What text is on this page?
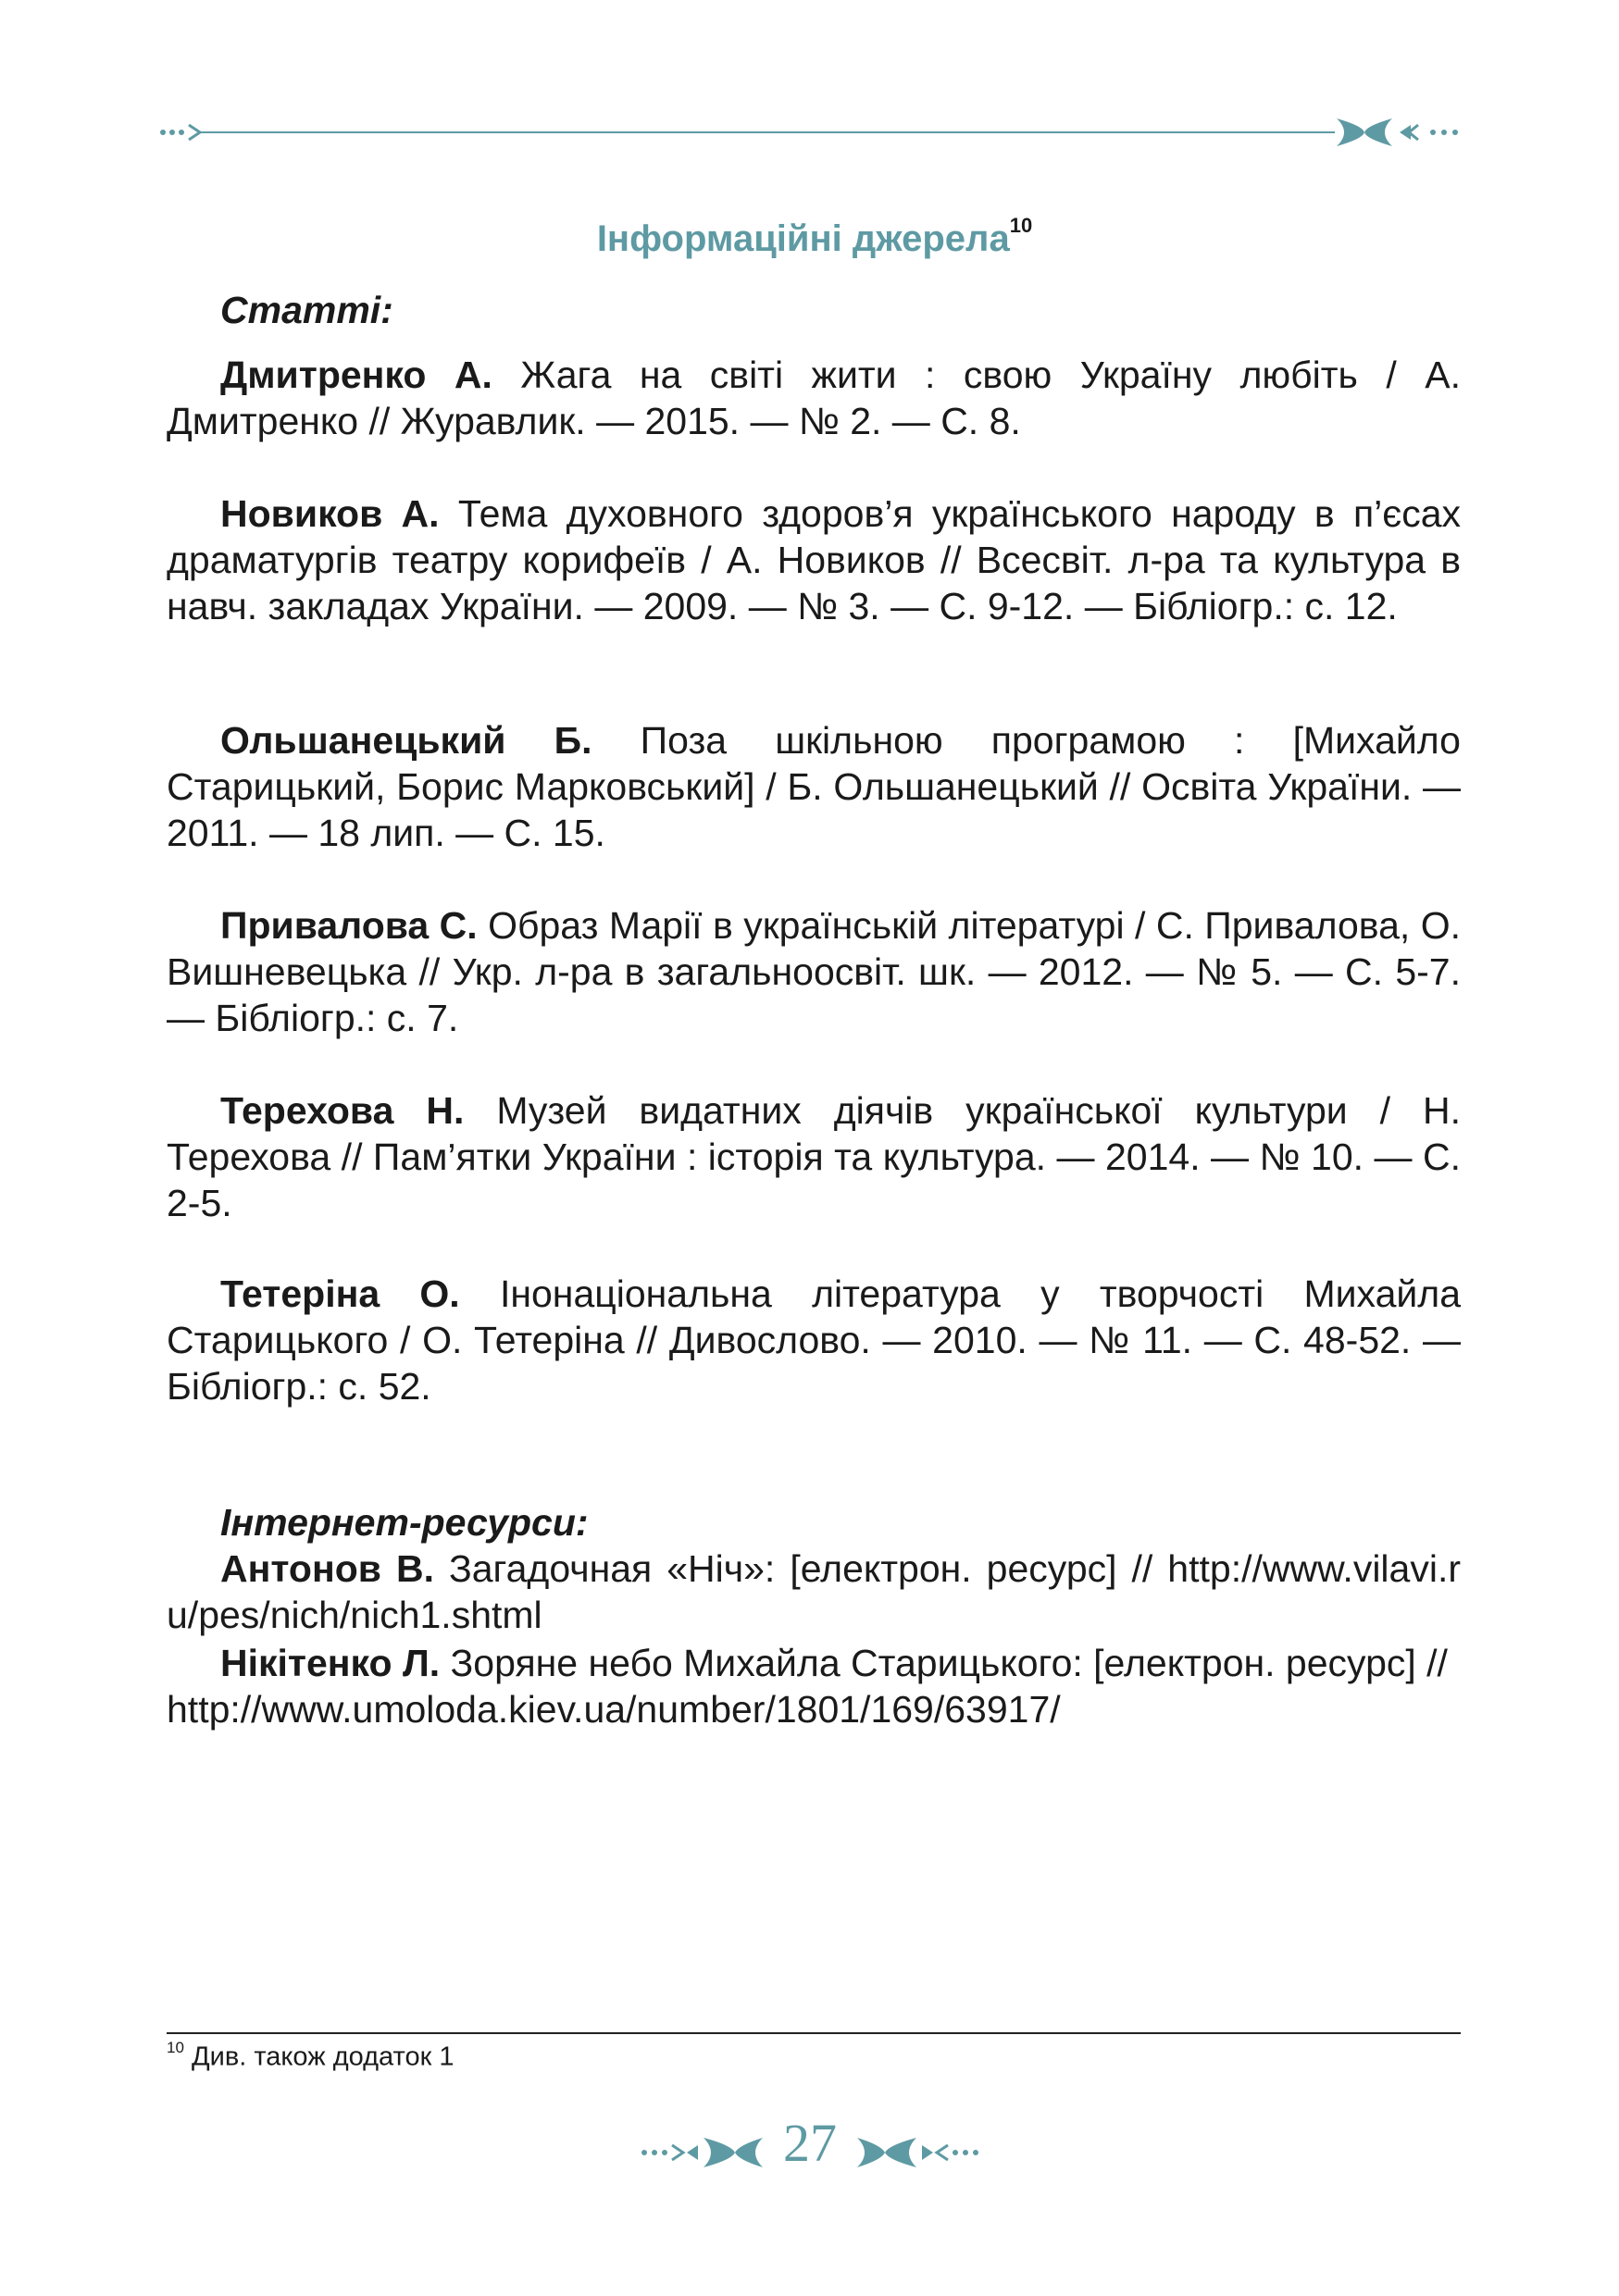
Інформаційні джерела$^{10}$
Статті:
Дмитренко А. Жага на світі жити : свою Україну любіть / А. Дмитренко // Журавлик. — 2015. — № 2. — С. 8.
Новиков А. Тема духовного здоров’я українського народу в п’єсах драматургів театру корифеїв / А. Новиков // Всесвіт. л-ра та культура в навч. закладах України. — 2009. — № 3. — С. 9-12. — Бібліогр.: с. 12.
Ольшанецький Б. Поза шкільною програмою : [Михайло Старицький, Борис Марковський] / Б. Ольшанецький // Освіта України. — 2011. — 18 лип. — С. 15.
Привалова С. Образ Марії в українській літературі / С. Привалова, О. Вишневецька // Укр. л-ра в загальноосвіт. шк. — 2012. — № 5. — С. 5-7. — Бібліогр.: с. 7.
Терехова Н. Музей видатних діячів української культури / Н. Терехова // Пам’ятки України : історія та культура. — 2014. — № 10. — С. 2-5.
Тетеріна О. Інонаціональна література у творчості Михайла Старицького / О. Тетеріна // Дивослово. — 2010. — № 11. — С. 48-52. — Бібліогр.: с. 52.
Інтернет-ресурси:
Антонов В. Загадочная «Ніч»: [електрон. ресурс] // http://www.vilavi.ru/pes/nich/nich1.shtml
Нікітенко Л. Зоряне небо Михайла Старицького: [електрон. ресурс] //http://www.umoloda.kiev.ua/number/1801/169/63917/
$^{10}$ Див. також додаток 1
27
